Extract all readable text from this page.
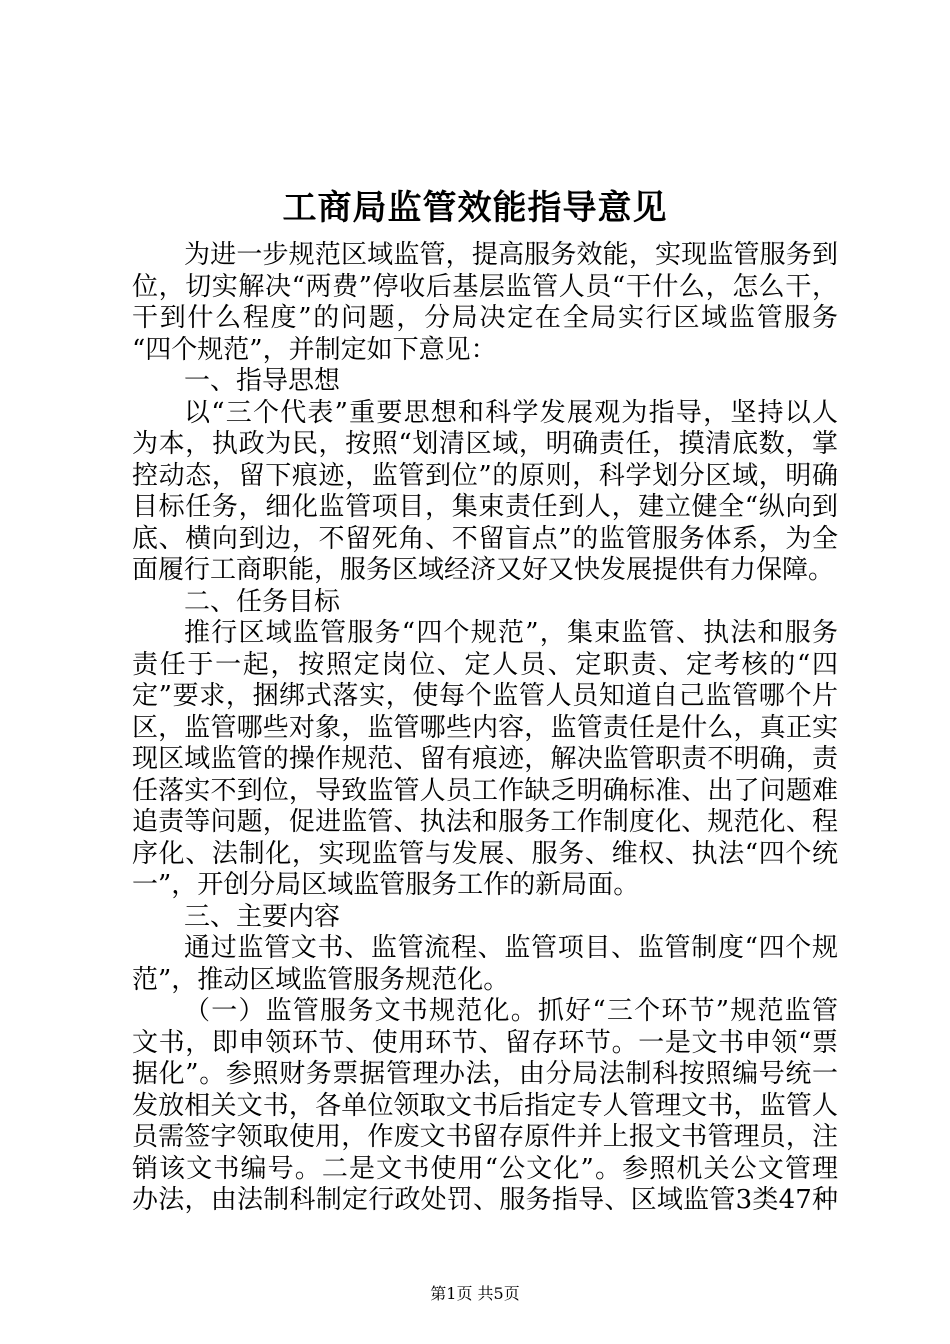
工商局监管效能指导意见
为进一步规范区域监管，提高服务效能，实现监管服务到
位，切实解决“两费”停收后基层监管人员“干什么，怎么干，
干到什么程度”的问题，分局决定在全局实行区域监管服务
“四个规范”，并制定如下意见：
一、指导思想
以“三个代表”重要思想和科学发展观为指导，坚持以人
为本，执政为民，按照“划清区域，明确责任，摸清底数，掌
控动态，留下痕迹，监管到位”的原则，科学划分区域，明确
目标任务，细化监管项目，集束责任到人，建立健全“纵向到
底、横向到边，不留死角、不留盲点”的监管服务体系，为全
面履行工商职能，服务区域经济又好又快发展提供有力保障。
二、任务目标
推行区域监管服务“四个规范”，集束监管、执法和服务
责任于一起，按照定岗位、定人员、定职责、定考核的“四
定”要求，捆绑式落实，使每个监管人员知道自己监管哪个片
区，监管哪些对象，监管哪些内容，监管责任是什么，真正实
现区域监管的操作规范、留有痕迹，解决监管职责不明确，责
任落实不到位，导致监管人员工作缺乏明确标准、出了问题难
追责等问题，促进监管、执法和服务工作制度化、规范化、程
序化、法制化，实现监管与发展、服务、维权、执法“四个统
一”，开创分局区域监管服务工作的新局面。
三、主要内容
通过监管文书、监管流程、监管项目、监管制度“四个规
范”，推动区域监管服务规范化。
（一）监管服务文书规范化。抓好“三个环节”规范监管
文书，即申领环节、使用环节、留存环节。一是文书申领“票
据化”。参照财务票据管理办法，由分局法制科按照编号统一
发放相关文书，各单位领取文书后指定专人管理文书，监管人
员需签字领取使用，作废文书留存原件并上报文书管理员，注
销该文书编号。二是文书使用“公文化”。参照机关公文管理
办法，由法制科制定行政处罚、服务指导、区域监管3类47种
第1页 共5页
